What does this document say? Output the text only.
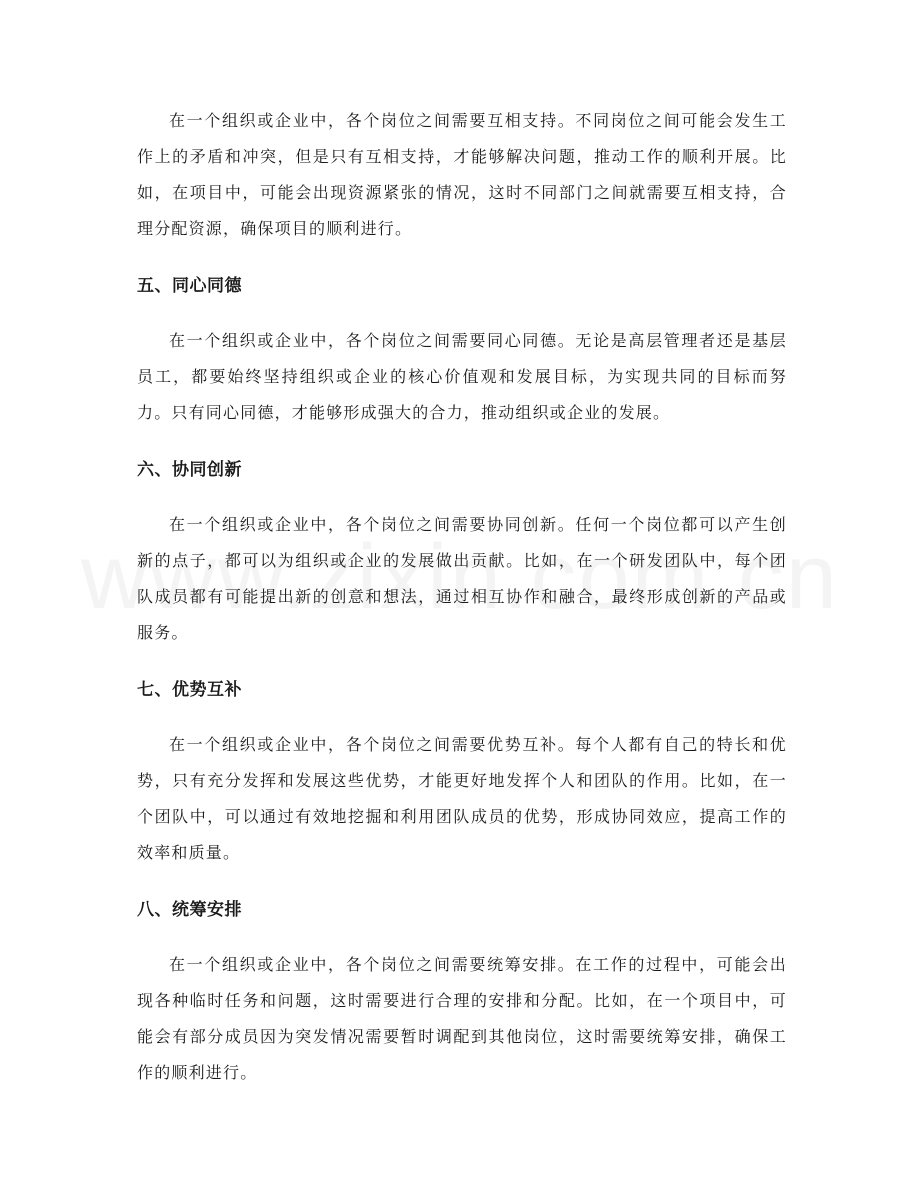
在一个组织或企业中，各个岗位之间需要互相支持。不同岗位之间可能会发生工作上的矛盾和冲突，但是只有互相支持，才能够解决问题，推动工作的顺利开展。比如，在项目中，可能会出现资源紧张的情况，这时不同部门之间就需要互相支持，合理分配资源，确保项目的顺利进行。

五、同心同德

在一个组织或企业中，各个岗位之间需要同心同德。无论是高层管理者还是基层员工，都要始终坚持组织或企业的核心价值观和发展目标，为实现共同的目标而努力。只有同心同德，才能够形成强大的合力，推动组织或企业的发展。

六、协同创新

在一个组织或企业中，各个岗位之间需要协同创新。任何一个岗位都可以产生创新的点子，都可以为组织或企业的发展做出贡献。比如，在一个研发团队中，每个团队成员都有可能提出新的创意和想法，通过相互协作和融合，最终形成创新的产品或服务。

七、优势互补

在一个组织或企业中，各个岗位之间需要优势互补。每个人都有自己的特长和优势，只有充分发挥和发展这些优势，才能更好地发挥个人和团队的作用。比如，在一个团队中，可以通过有效地挖掘和利用团队成员的优势，形成协同效应，提高工作的效率和质量。

八、统筹安排

在一个组织或企业中，各个岗位之间需要统筹安排。在工作的过程中，可能会出现各种临时任务和问题，这时需要进行合理的安排和分配。比如，在一个项目中，可能会有部分成员因为突发情况需要暂时调配到其他岗位，这时需要统筹安排，确保工作的顺利进行。
